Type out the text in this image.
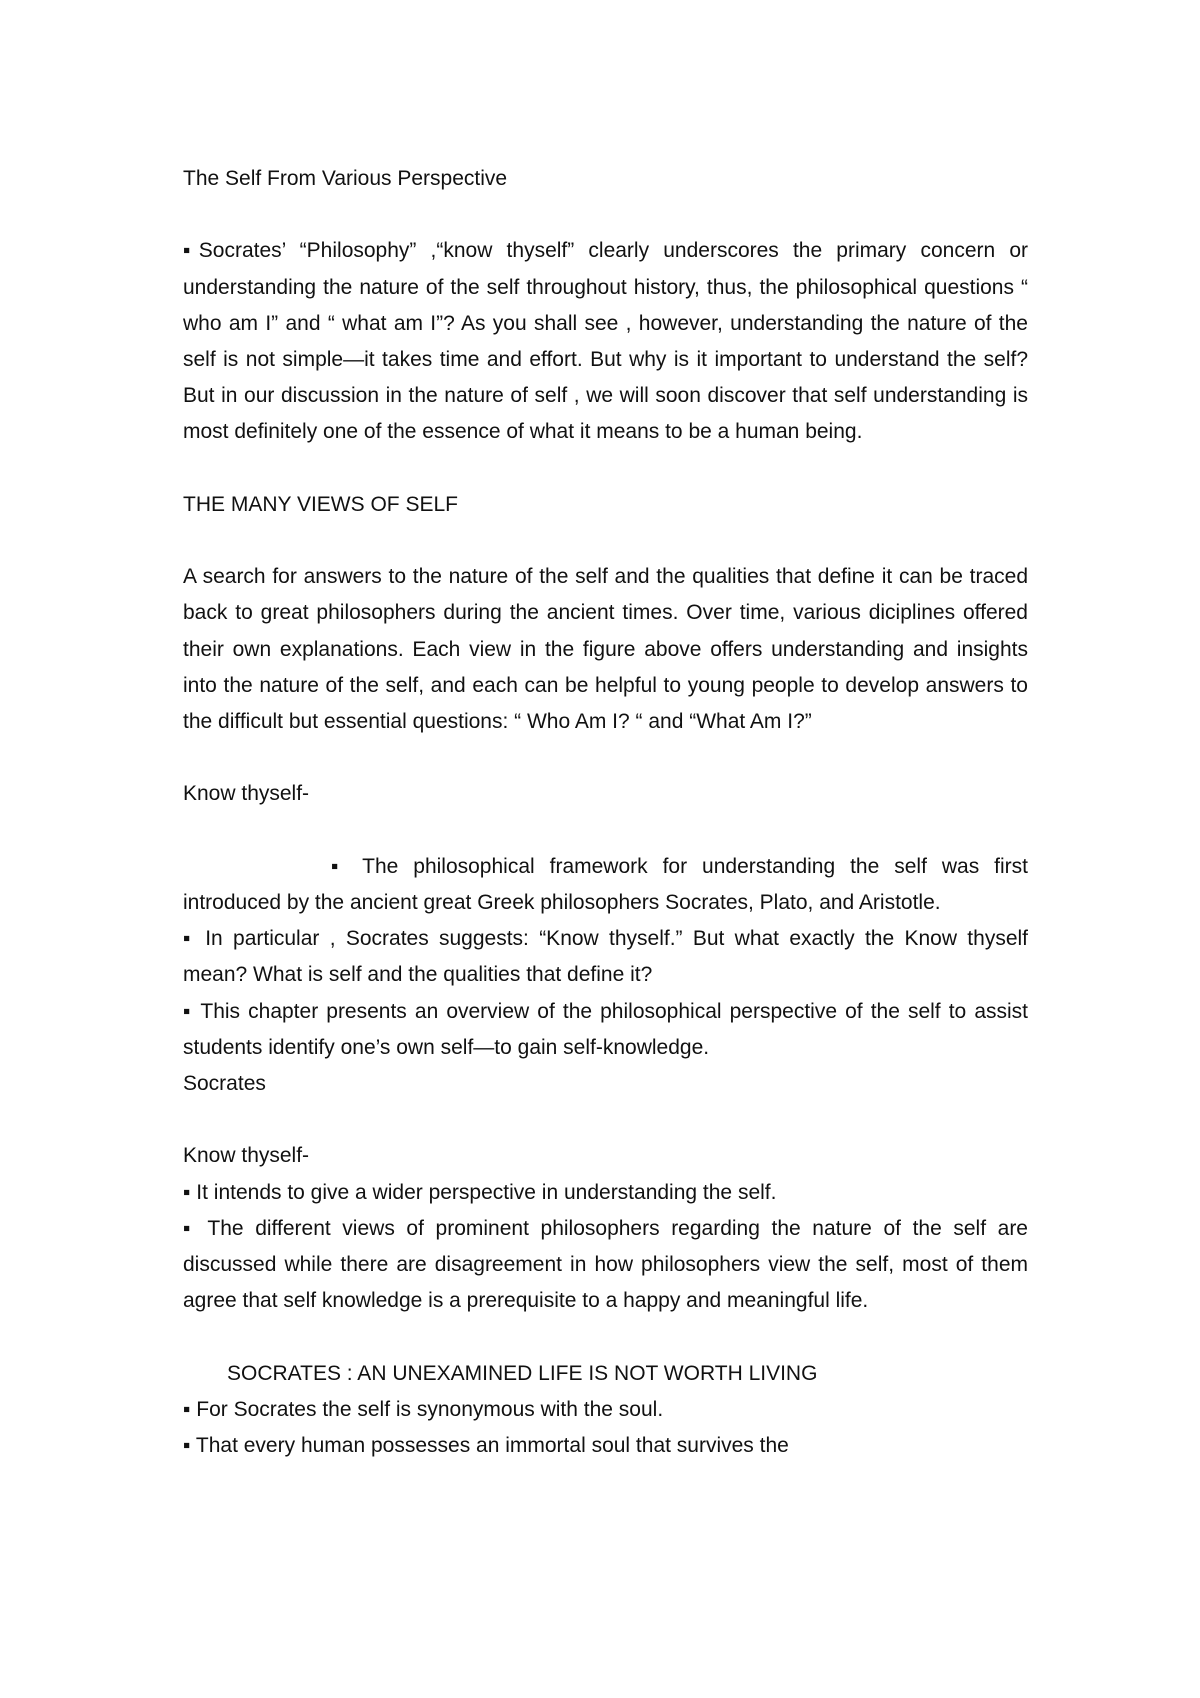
The Self From Various Perspective

▪Socrates’ “Philosophy” ,“know thyself” clearly underscores the primary concern or understanding the nature of the self throughout history, thus, the philosophical questions “ who am I” and “ what am I”? As you shall see , however, understanding the nature of the self is not simple—it takes time and effort. But why is it important to understand the self? But in our discussion in the nature of self , we will soon discover that self understanding is most definitely one of the essence of what it means to be a human being.

THE MANY VIEWS OF SELF

A search for answers to the nature of the self and the qualities that define it can be traced back to great philosophers during the ancient times. Over time, various diciplines offered their own explanations. Each view in the figure above offers understanding and insights into the nature of the self, and each can be helpful to young people to develop answers to the difficult but essential questions: “ Who Am I? “ and “What Am I?”

Know thyself-

▪ The philosophical framework for understanding the self was first introduced by the ancient great Greek philosophers Socrates, Plato, and Aristotle.

▪ In particular , Socrates suggests: “Know thyself.” But what exactly the Know thyself mean? What is self and the qualities that define it?

▪ This chapter presents an overview of the philosophical perspective of the self to assist students identify one’s own self—to gain self-knowledge.

Socrates

Know thyself-

▪ It intends to give a wider perspective in understanding the self.

▪ The different views of prominent philosophers regarding the nature of the self are discussed while there are disagreement in how philosophers view the self, most of them agree that self knowledge is a prerequisite to a happy and meaningful life.

SOCRATES : AN UNEXAMINED LIFE IS NOT WORTH LIVING

▪ For Socrates the self is synonymous with the soul.

▪ That every human possesses an immortal soul that survives the
